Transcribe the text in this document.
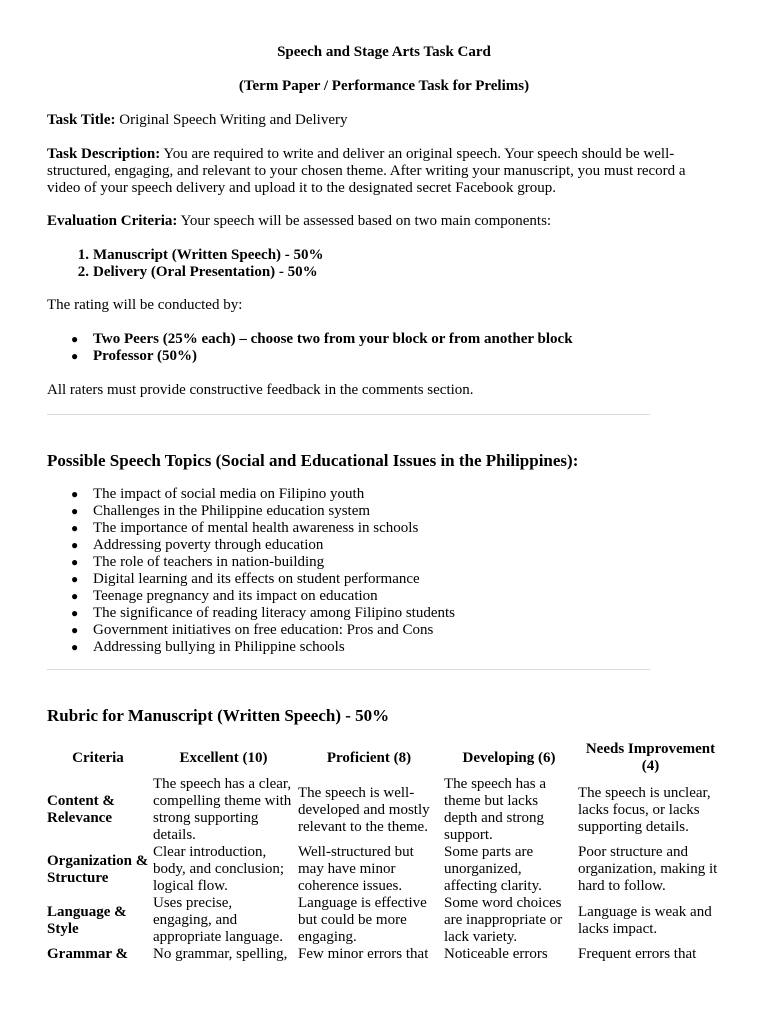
Speech and Stage Arts Task Card
(Term Paper / Performance Task for Prelims)
Task Title: Original Speech Writing and Delivery
Task Description: You are required to write and deliver an original speech. Your speech should be well-
structured, engaging, and relevant to your chosen theme. After writing your manuscript, you must record a
video of your speech delivery and upload it to the designated secret Facebook group.
Evaluation Criteria: Your speech will be assessed based on two main components:
1. Manuscript (Written Speech) - 50%
2. Delivery (Oral Presentation) - 50%
The rating will be conducted by:
● Two Peers (25% each) – choose two from your block or from another block
● Professor (50%)
All raters must provide constructive feedback in the comments section.
Possible Speech Topics (Social and Educational Issues in the Philippines):
● The impact of social media on Filipino youth
● Challenges in the Philippine education system
● The importance of mental health awareness in schools
● Addressing poverty through education
● The role of teachers in nation-building
● Digital learning and its effects on student performance
● Teenage pregnancy and its impact on education
● The significance of reading literacy among Filipino students
● Government initiatives on free education: Pros and Cons
● Addressing bullying in Philippine schools
Rubric for Manuscript (Written Speech) - 50%
Criteria	Excellent (10)	Proficient (8)	Developing (6)	Needs Improvement (4)
Content & Relevance	The speech has a clear, compelling theme with strong supporting details.	The speech is well-developed and mostly relevant to the theme.	The speech has a theme but lacks depth and strong support.	The speech is unclear, lacks focus, or lacks supporting details.
Organization & Structure	Clear introduction, body, and conclusion; logical flow.	Well-structured but may have minor coherence issues.	Some parts are unorganized, affecting clarity.	Poor structure and organization, making it hard to follow.
Language & Style	Uses precise, engaging, and appropriate language.	Language is effective but could be more engaging.	Some word choices are inappropriate or lack variety.	Language is weak and lacks impact.
Grammar &	No grammar, spelling,	Few minor errors that	Noticeable errors	Frequent errors that
